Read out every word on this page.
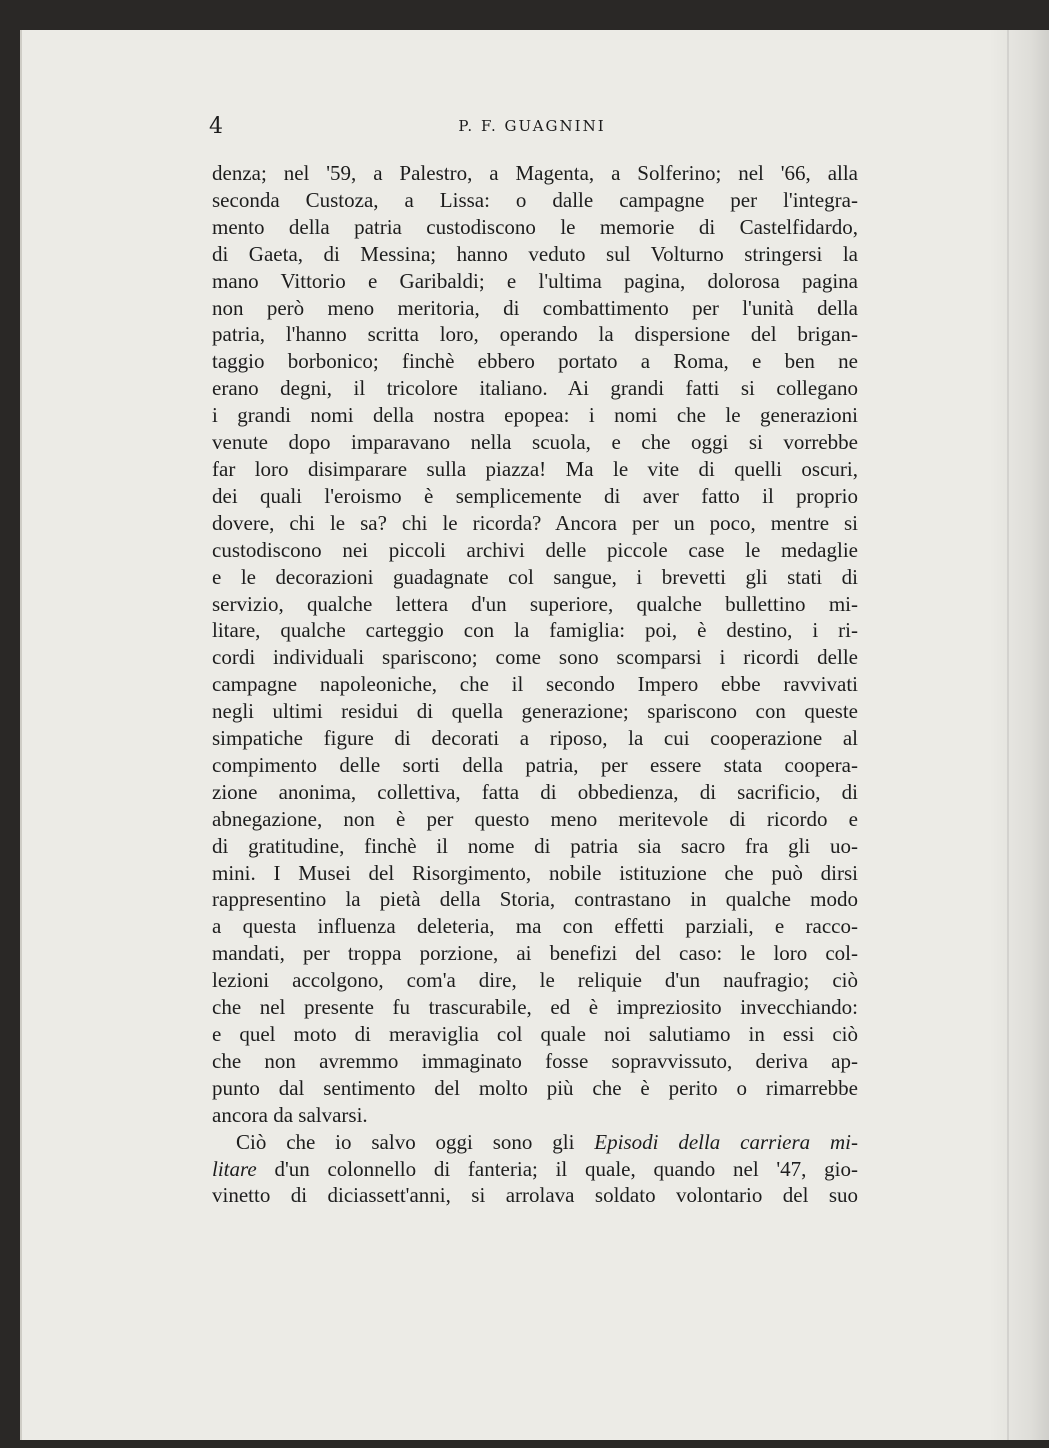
4	P. F. GUAGNINI
denza; nel '59, a Palestro, a Magenta, a Solferino; nel '66, alla
seconda Custoza, a Lissa: o dalle campagne per l'integra-
mento della patria custodiscono le memorie di Castelfidardo,
di Gaeta, di Messina; hanno veduto sul Volturno stringersi la
mano Vittorio e Garibaldi; e l'ultima pagina, dolorosa pagina
non però meno meritoria, di combattimento per l'unità della
patria, l'hanno scritta loro, operando la dispersione del brigan-
taggio borbonico; finchè ebbero portato a Roma, e ben ne
erano degni, il tricolore italiano. Ai grandi fatti si collegano
i grandi nomi della nostra epopea: i nomi che le generazioni
venute dopo imparavano nella scuola, e che oggi si vorrebbe
far loro disimparare sulla piazza! Ma le vite di quelli oscuri,
dei quali l'eroismo è semplicemente di aver fatto il proprio
dovere, chi le sa? chi le ricorda? Ancora per un poco, mentre si
custodiscono nei piccoli archivi delle piccole case le medaglie
e le decorazioni guadagnate col sangue, i brevetti gli stati di
servizio, qualche lettera d'un superiore, qualche bullettino mi-
litare, qualche carteggio con la famiglia: poi, è destino, i ri-
cordi individuali spariscono; come sono scomparsi i ricordi delle
campagne napoleoniche, che il secondo Impero ebbe ravvivati
negli ultimi residui di quella generazione; spariscono con queste
simpatiche figure di decorati a riposo, la cui cooperazione al
compimento delle sorti della patria, per essere stata coopera-
zione anonima, collettiva, fatta di obbedienza, di sacrificio, di
abnegazione, non è per questo meno meritevole di ricordo e
di gratitudine, finchè il nome di patria sia sacro fra gli uo-
mini. I Musei del Risorgimento, nobile istituzione che può dirsi
rappresentino la pietà della Storia, contrastano in qualche modo
a questa influenza deleteria, ma con effetti parziali, e racco-
mandati, per troppa porzione, ai benefizi del caso: le loro col-
lezioni accolgono, com'a dire, le reliquie d'un naufragio; ciò
che nel presente fu trascurabile, ed è impreziosito invecchiando:
e quel moto di meraviglia col quale noi salutiamo in essi ciò
che non avremmo immaginato fosse sopravvissuto, deriva ap-
punto dal sentimento del molto più che è perito o rimarrebbe
ancora da salvarsi.
Ciò che io salvo oggi sono gli Episodi della carriera mi-
litare d'un colonnello di fanteria; il quale, quando nel '47, gio-
vinetto di diciassett'anni, si arrolava soldato volontario del suo
